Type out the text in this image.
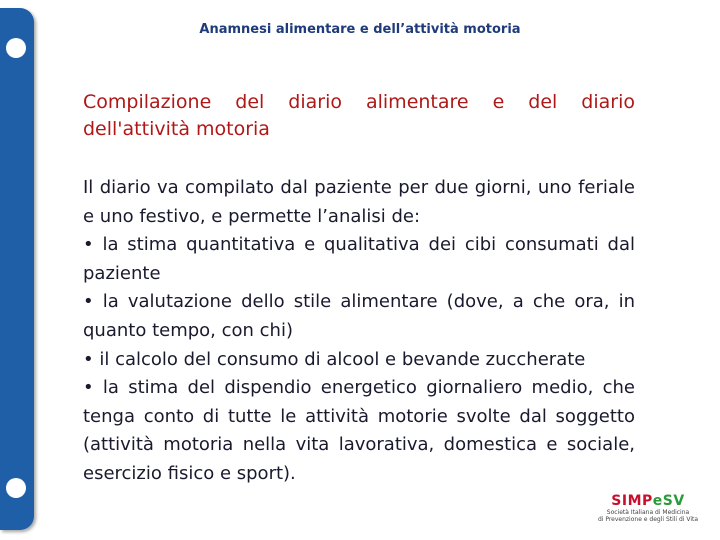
Anamnesi alimentare e dell’attività motoria
Compilazione del diario alimentare e del diario dell'attività motoria

Il diario va compilato dal paziente per due giorni, uno feriale e uno festivo, e permette l’analisi de:

• la stima quantitativa e qualitativa dei cibi consumati dal paziente

• la valutazione dello stile alimentare (dove, a che ora, in quanto tempo, con chi)

• il calcolo del consumo di alcool e bevande zuccherate

• la stima del dispendio energetico giornaliero medio, che tenga conto di tutte le attività motorie svolte dal soggetto (attività motoria nella vita lavorativa, domestica e sociale, esercizio fisico e sport).

SIMPeSV
Società Italiana di Medicina
di Prevenzione e degli Stili di Vita
